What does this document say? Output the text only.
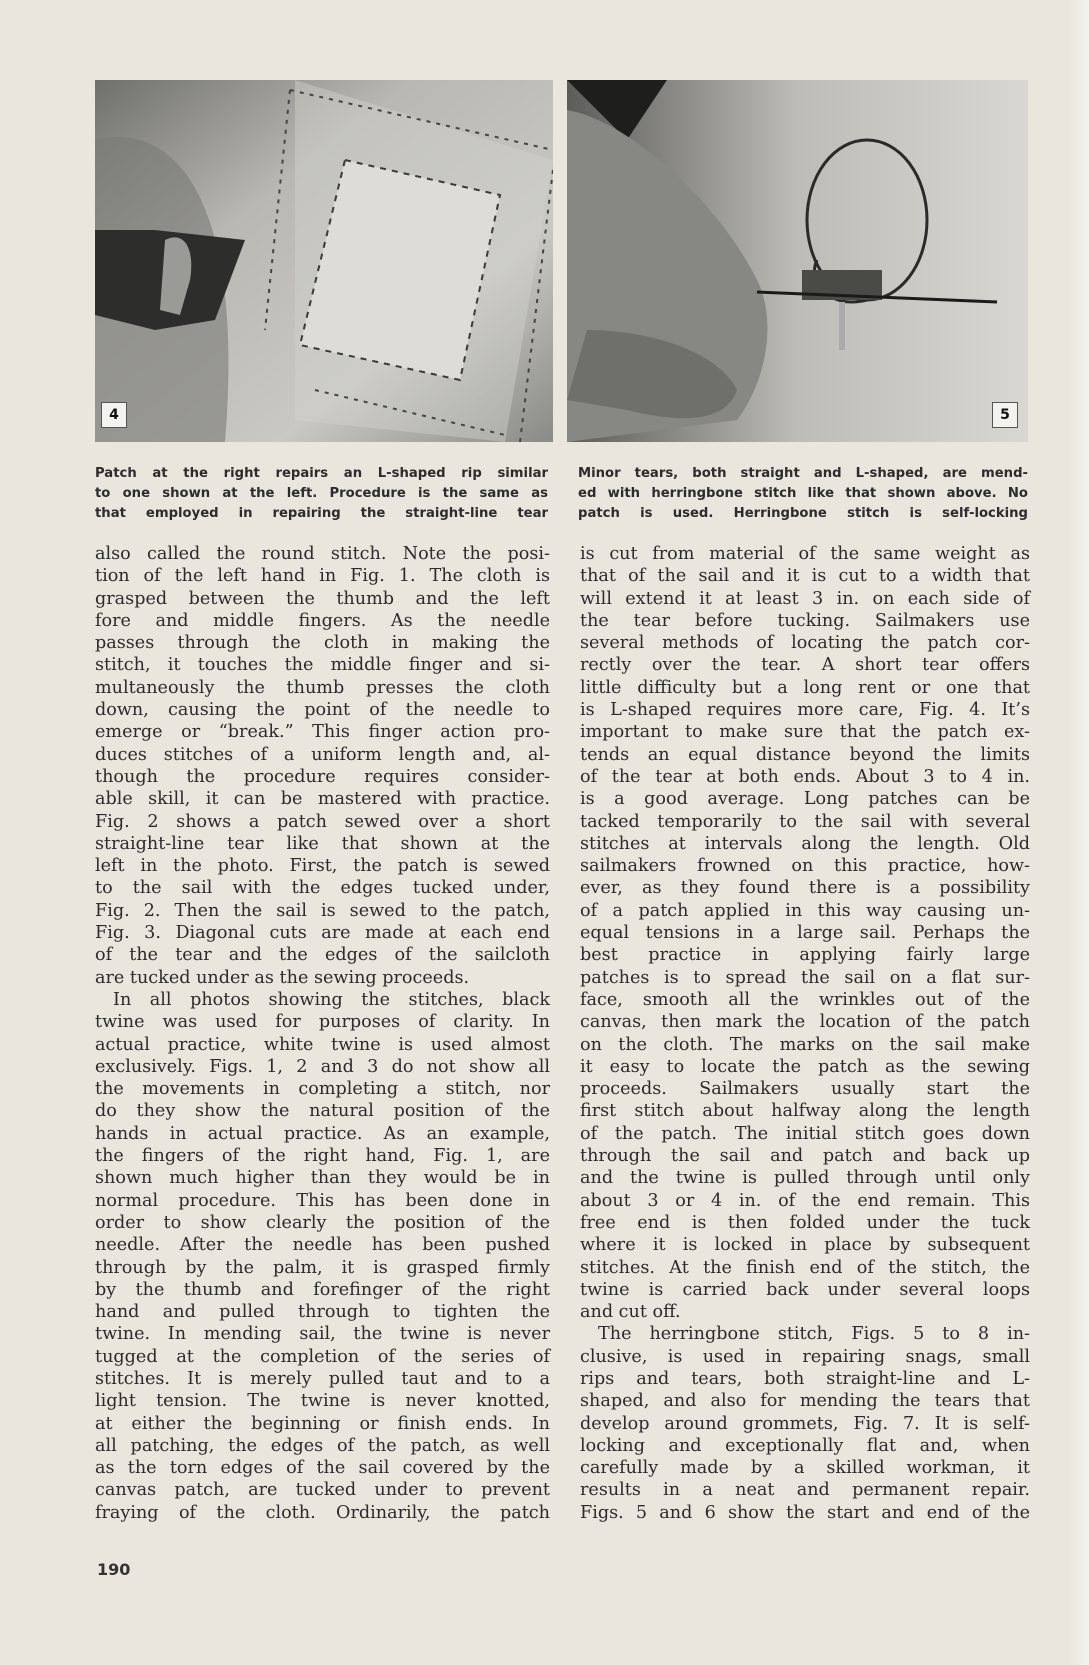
4	5
Patch at the right repairs an L-shaped rip similar
to one shown at the left. Procedure is the same as
that employed in repairing the straight-line tear
Minor tears, both straight and L-shaped, are mend-
ed with herringbone stitch like that shown above. No
patch is used. Herringbone stitch is self-locking
also called the round stitch. Note the posi-
tion of the left hand in Fig. 1. The cloth is
grasped between the thumb and the left
fore and middle fingers. As the needle
passes through the cloth in making the
stitch, it touches the middle finger and si-
multaneously the thumb presses the cloth
down, causing the point of the needle to
emerge or “break.” This finger action pro-
duces stitches of a uniform length and, al-
though the procedure requires consider-
able skill, it can be mastered with practice.
Fig. 2 shows a patch sewed over a short
straight-line tear like that shown at the
left in the photo. First, the patch is sewed
to the sail with the edges tucked under,
Fig. 2. Then the sail is sewed to the patch,
Fig. 3. Diagonal cuts are made at each end
of the tear and the edges of the sailcloth
are tucked under as the sewing proceeds.
In all photos showing the stitches, black
twine was used for purposes of clarity. In
actual practice, white twine is used almost
exclusively. Figs. 1, 2 and 3 do not show all
the movements in completing a stitch, nor
do they show the natural position of the
hands in actual practice. As an example,
the fingers of the right hand, Fig. 1, are
shown much higher than they would be in
normal procedure. This has been done in
order to show clearly the position of the
needle. After the needle has been pushed
through by the palm, it is grasped firmly
by the thumb and forefinger of the right
hand and pulled through to tighten the
twine. In mending sail, the twine is never
tugged at the completion of the series of
stitches. It is merely pulled taut and to a
light tension. The twine is never knotted,
at either the beginning or finish ends. In
all patching, the edges of the patch, as well
as the torn edges of the sail covered by the
canvas patch, are tucked under to prevent
fraying of the cloth. Ordinarily, the patch
is cut from material of the same weight as
that of the sail and it is cut to a width that
will extend it at least 3 in. on each side of
the tear before tucking. Sailmakers use
several methods of locating the patch cor-
rectly over the tear. A short tear offers
little difficulty but a long rent or one that
is L-shaped requires more care, Fig. 4. It’s
important to make sure that the patch ex-
tends an equal distance beyond the limits
of the tear at both ends. About 3 to 4 in.
is a good average. Long patches can be
tacked temporarily to the sail with several
stitches at intervals along the length. Old
sailmakers frowned on this practice, how-
ever, as they found there is a possibility
of a patch applied in this way causing un-
equal tensions in a large sail. Perhaps the
best practice in applying fairly large
patches is to spread the sail on a flat sur-
face, smooth all the wrinkles out of the
canvas, then mark the location of the patch
on the cloth. The marks on the sail make
it easy to locate the patch as the sewing
proceeds. Sailmakers usually start the
first stitch about halfway along the length
of the patch. The initial stitch goes down
through the sail and patch and back up
and the twine is pulled through until only
about 3 or 4 in. of the end remain. This
free end is then folded under the tuck
where it is locked in place by subsequent
stitches. At the finish end of the stitch, the
twine is carried back under several loops
and cut off.
The herringbone stitch, Figs. 5 to 8 in-
clusive, is used in repairing snags, small
rips and tears, both straight-line and L-
shaped, and also for mending the tears that
develop around grommets, Fig. 7. It is self-
locking and exceptionally flat and, when
carefully made by a skilled workman, it
results in a neat and permanent repair.
Figs. 5 and 6 show the start and end of the
190
